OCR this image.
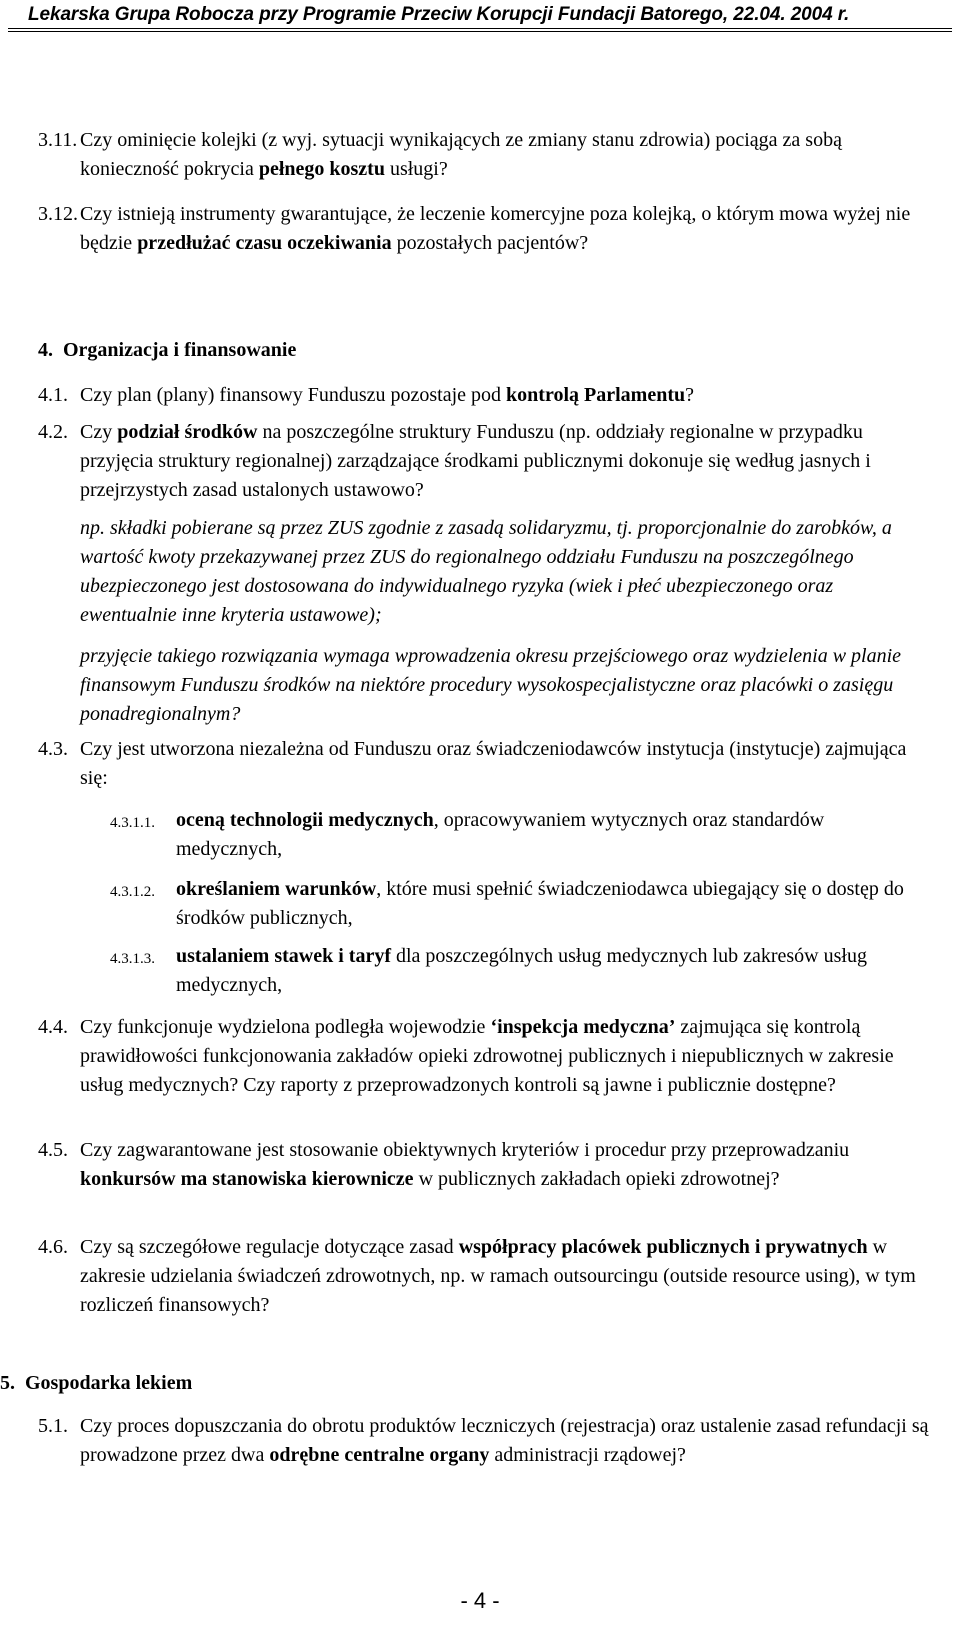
Lekarska Grupa Robocza przy Programie Przeciw Korupcji Fundacji Batorego, 22.04. 2004 r.
3.11. Czy ominięcie kolejki (z wyj. sytuacji wynikających ze zmiany stanu zdrowia) pociąga za sobą konieczność pokrycia pełnego kosztu usługi?
3.12. Czy istnieją instrumenty gwarantujące, że leczenie komercyjne poza kolejką, o którym mowa wyżej nie będzie przedłużać czasu oczekiwania pozostałych pacjentów?
4. Organizacja i finansowanie
4.1. Czy plan (plany) finansowy Funduszu pozostaje pod kontrolą Parlamentu?
4.2. Czy podział środków na poszczególne struktury Funduszu (np. oddziały regionalne w przypadku przyjęcia struktury regionalnej) zarządzające środkami publicznymi dokonuje się według jasnych i przejrzystych zasad ustalonych ustawowo?
np. składki pobierane są przez ZUS zgodnie z zasadą solidaryzmu, tj. proporcjonalnie do zarobków, a wartość kwoty przekazywanej przez ZUS do regionalnego oddziału Funduszu na poszczególnego ubezpieczonego jest dostosowana do indywidualnego ryzyka (wiek i płeć ubezpieczonego oraz ewentualnie inne kryteria ustawowe);
przyjęcie takiego rozwiązania wymaga wprowadzenia okresu przejściowego oraz wydzielenia w planie finansowym Funduszu środków na niektóre procedury wysokospecjalistyczne oraz placówki o zasięgu ponadregionalnym?
4.3. Czy jest utworzona niezależna od Funduszu oraz świadczeniodawców instytucja (instytucje) zajmująca się:
4.3.1.1. oceną technologii medycznych, opracowywaniem wytycznych oraz standardów medycznych,
4.3.1.2. określaniem warunków, które musi spełnić świadczeniodawca ubiegający się o dostęp do środków publicznych,
4.3.1.3. ustalaniem stawek i taryf dla poszczególnych usług medycznych lub zakresów usług medycznych,
4.4. Czy funkcjonuje wydzielona podległa wojewodzie ‘inspekcja medyczna’ zajmująca się kontrolą prawidłowości funkcjonowania zakładów opieki zdrowotnej publicznych i niepublicznych w zakresie usług medycznych? Czy raporty z przeprowadzonych kontroli są jawne i publicznie dostępne?
4.5. Czy zagwarantowane jest stosowanie obiektywnych kryteriów i procedur przy przeprowadzaniu konkursów ma stanowiska kierownicze w publicznych zakładach opieki zdrowotnej?
4.6. Czy są szczegółowe regulacje dotyczące zasad współpracy placówek publicznych i prywatnych w zakresie udzielania świadczeń zdrowotnych, np. w ramach outsourcingu (outside resource using), w tym rozliczeń finansowych?
5. Gospodarka lekiem
5.1. Czy proces dopuszczania do obrotu produktów leczniczych (rejestracja) oraz ustalenie zasad refundacji są prowadzone przez dwa odrębne centralne organy administracji rządowej?
- 4 -
